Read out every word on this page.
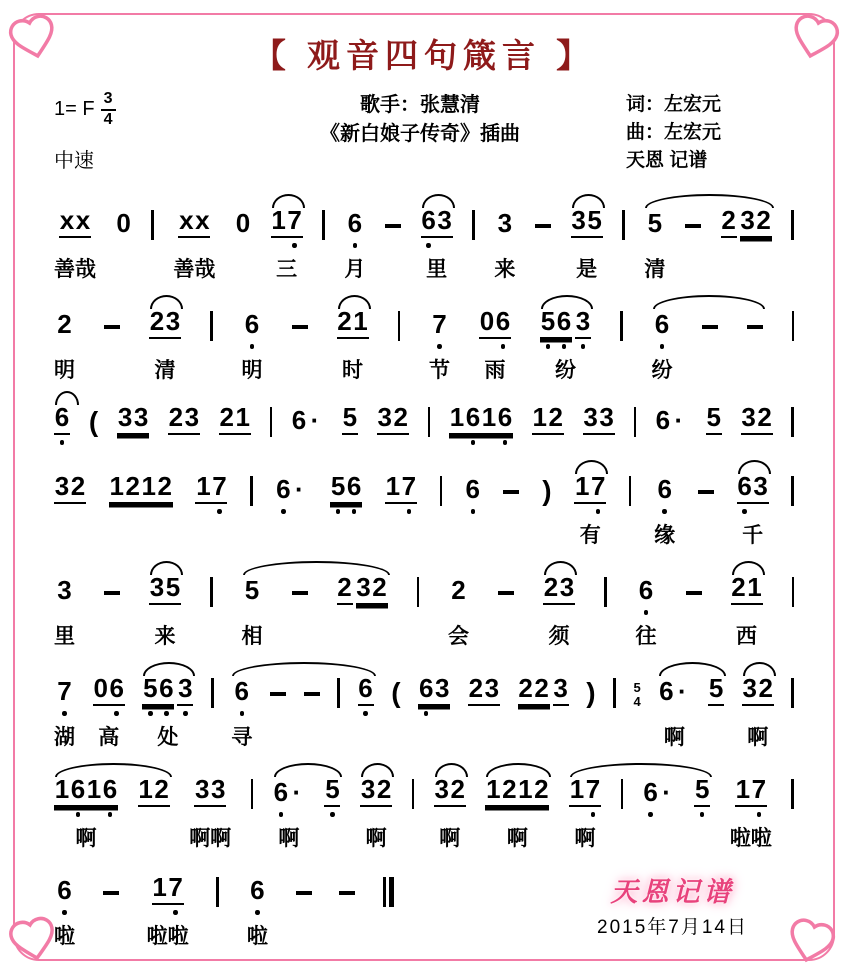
【 观音四句箴言 】
1= F $\frac{3}{4}$
中速
歌手：张慧清
《新白娘子传奇》插曲
词：左宏元
曲：左宏元
天恩 记谱
x x
善哉
0 x x
善哉
0 1 7
三
6
月
6 3
里
3
来
3 5
是
5
清
2 3 2
2
明
2 3
清
6
明
2 1
时
7
节
0 6
雨
5 6 3
纷
6
纷
6 ( 3 3 2 3 2 1 6 · 5 3 2 1 6 1 6 1 2 3 3 6 · 5 3 2
3 2 1 2 1 2 1 7 6 · 5 6 1 7 6 ) 1 7
有
6
缘
6 3
千
3
里
3 5
来
5
相
2 3 2 2
会
2 3
须
6
往
2 1
西
7
湖
0 6
高
5 6 3
处
6
寻
6 ( 6 3 2 3 2 2 3 )	5
4 6 ·
啊
5 3 2
啊
1 6 1 6
啊
1 2 3 3
啊啊
6 ·
啊
5 3 2
啊
3 2
啊
1 2 1 2
啊
1 7
啊
6 · 5 1 7
啦啦
6
啦
1 7
啦啦
6
啦
天恩记谱
2015年7月14日
